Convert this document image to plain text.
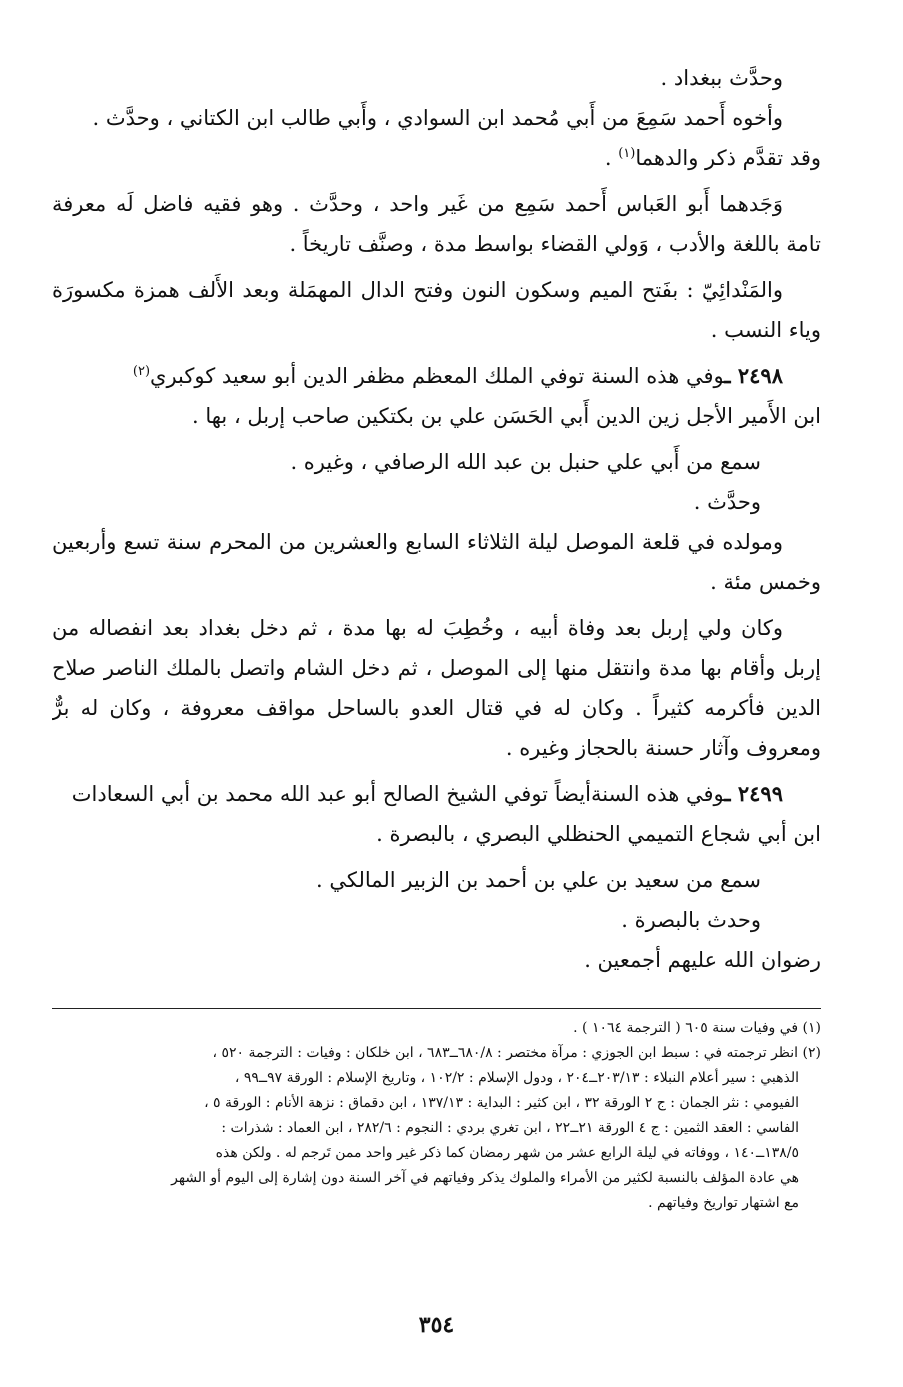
وحدَّث ببغداد .
وأخوه أَحمد سَمِعَ من أَبي مُحمد ابن السوادي ، وأَبي طالب ابن الكتاني ، وحدَّث .
وقد تقدَّم ذكر والدهما$^{(١)}$ .
وَجَدهما أَبو العَباس أَحمد سَمِع من غَير واحد ، وحدَّث . وهو فقيه فاضل لَه معرفة
تامة باللغة والأدب ، وَولي القضاء بواسط مدة ، وصنَّف تاريخاً .
والمَنْدائِيّ : بفَتح الميم وسكون النون وفتح الدال المهمَلة وبعد الأَلف همزة مكسورَة
وياء النسب .
٢٤٩٨ ـوفي هذه السنة توفي الملك المعظم مظفر الدين أبو سعيد كوكبري$^{(٢)}$
ابن الأَمير الأجل زين الدين أَبي الحَسَن علي بن بكتكين صاحب إربل ، بها .
سمع من أَبي علي حنبل بن عبد الله الرصافي ، وغيره .
وحدَّث .
ومولده في قلعة الموصل ليلة الثلاثاء السابع والعشرين من المحرم سنة تسع وأربعين
وخمس مئة .
وكان ولي إربل بعد وفاة أبيه ، وخُطِبَ له بها مدة ، ثم دخل بغداد بعد انفصاله من
إربل وأقام بها مدة وانتقل منها إلى الموصل ، ثم دخل الشام واتصل بالملك الناصر صلاح
الدين فأكرمه كثيراً . وكان له في قتال العدو بالساحل مواقف معروفة ، وكان له برٌّ
ومعروف وآثار حسنة بالحجاز وغيره .
٢٤٩٩ ـوفي هذه السنةأيضاً توفي الشيخ الصالح أبو عبد الله محمد بن أبي السعادات
ابن أبي شجاع التميمي الحنظلي البصري ، بالبصرة .
سمع من سعيد بن علي بن أحمد بن الزبير المالكي .
وحدث بالبصرة .
رضوان الله عليهم أجمعين .
(١) في وفيات سنة ٦٠٥ ( الترجمة ١٠٦٤ ) .
(٢) انظر ترجمته في : سبط ابن الجوزي : مرآة مختصر : ٦٨٠/٨ــ٦٨٣ ، ابن خلكان : وفيات : الترجمة ٥٢٠ ،
الذهبي : سير أعلام النبلاء : ٢٠٣/١٣ــ٢٠٤ ، ودول الإسلام : ١٠٢/٢ ، وتاريخ الإسلام : الورقة ٩٧ــ٩٩ ،
الفيومي : نثر الجمان : ج ٢ الورقة ٣٢ ، ابن كثير : البداية : ١٣٧/١٣ ، ابن دقماق : نزهة الأنام : الورقة ٥ ،
الفاسي : العقد الثمين : ج ٤ الورقة ٢١ــ٢٢ ، ابن تغري بردي : النجوم : ٢٨٢/٦ ، ابن العماد : شذرات :
١٣٨/٥ــ١٤٠ ، ووفاته في ليلة الرابع عشر من شهر رمضان كما ذكر غير واحد ممن تَرجم له . ولكن هذه
هي عادة المؤلف بالنسبة لكثير من الأمراء والملوك يذكر وفياتهم في آخر السنة دون إشارة إلى اليوم أو الشهر
مع اشتهار تواريخ وفياتهم .
٣٥٤
